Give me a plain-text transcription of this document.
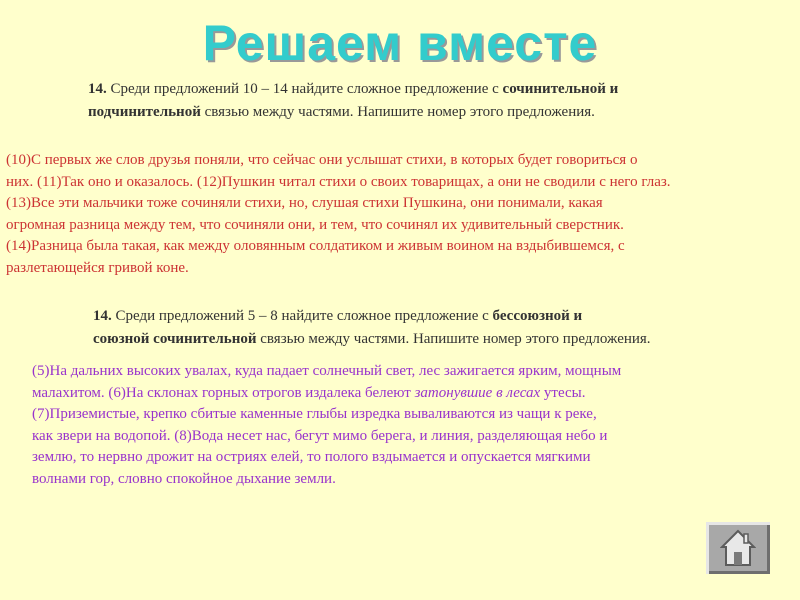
Решаем вместе
14. Среди предложений 10 – 14 найдите сложное предложение с сочинительной и
подчинительной связью между частями. Напишите номер этого предложения.
(10)С первых же слов друзья поняли, что сейчас они услышат стихи, в которых будет говориться о
них. (11)Так оно и оказалось. (12)Пушкин читал стихи о своих товарищах, а они не сводили с него глаз.
(13)Все эти мальчики тоже сочиняли стихи, но, слушая стихи Пушкина, они понимали, какая
огромная разница между тем, что сочиняли они, и тем, что сочинял их удивительный сверстник.
(14)Разница была такая, как между оловянным солдатиком и живым воином на вздыбившемся, с
разлетающейся гривой коне.
14. Среди предложений 5 – 8 найдите сложное предложение с бессоюзной и
союзной сочинительной связью между частями. Напишите номер этого предложения.
(5)На дальних высоких увалах, куда падает солнечный свет, лес зажигается ярким, мощным
малахитом. (6)На склонах горных отрогов издалека белеют затонувшие в лесах утесы.
(7)Приземистые, крепко сбитые каменные глыбы изредка вываливаются из чащи к реке,
как звери на водопой. (8)Вода несет нас, бегут мимо берега, и линия, разделяющая небо и
землю, то нервно дрожит на остриях елей, то полого вздымается и опускается мягкими
волнами гор, словно спокойное дыхание земли.
